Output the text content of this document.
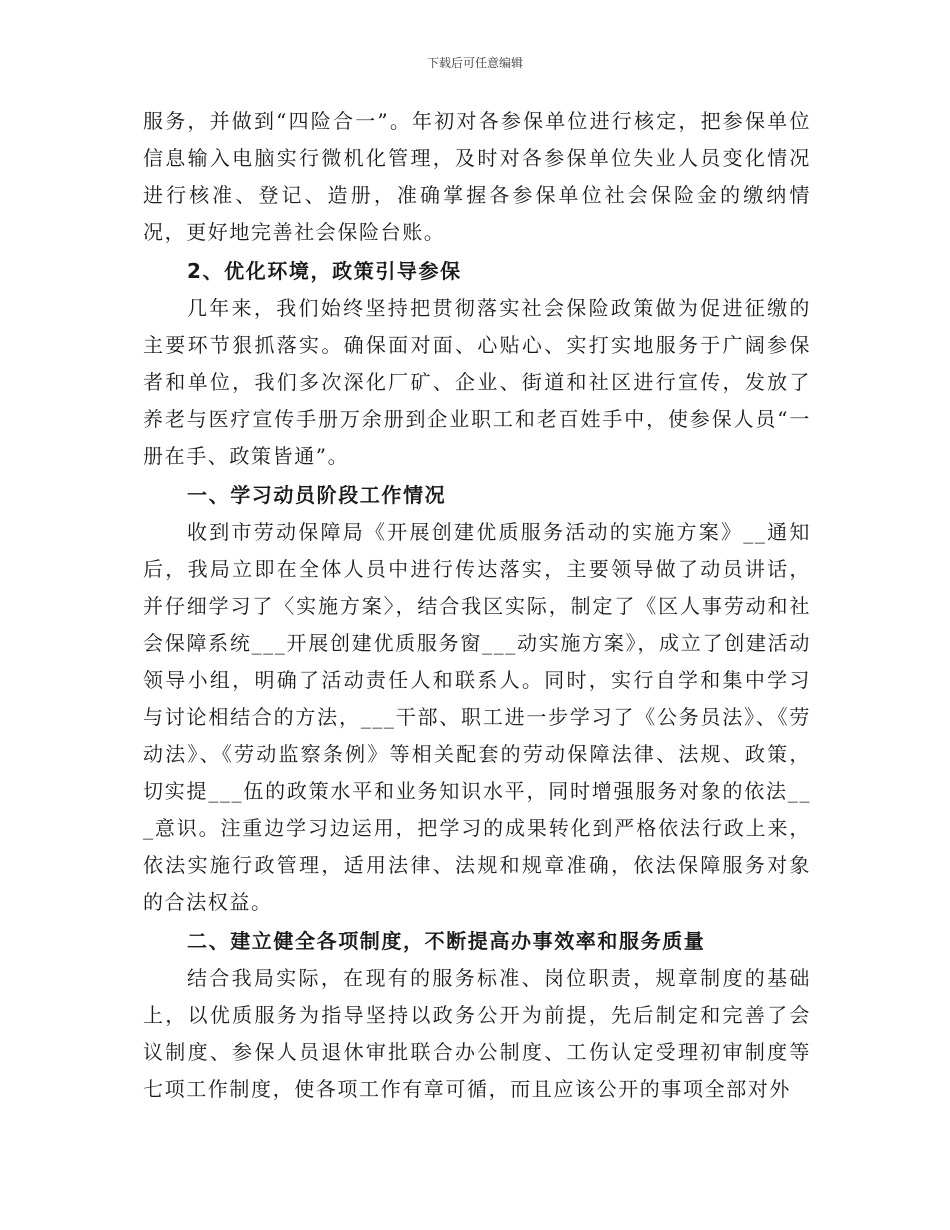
下载后可任意编辑

服务，并做到“四险合一”。年初对各参保单位进行核定，把参保单位信息输入电脑实行微机化管理，及时对各参保单位失业人员变化情况进行核准、登记、造册，准确掌握各参保单位社会保险金的缴纳情况，更好地完善社会保险台账。

2、优化环境，政策引导参保

几年来，我们始终坚持把贯彻落实社会保险政策做为促进征缴的主要环节狠抓落实。确保面对面、心贴心、实打实地服务于广阔参保者和单位，我们多次深化厂矿、企业、街道和社区进行宣传，发放了养老与医疗宣传手册万余册到企业职工和老百姓手中，使参保人员“一册在手、政策皆通”。

一、学习动员阶段工作情况

收到市劳动保障局《开展创建优质服务活动的实施方案》__通知后，我局立即在全体人员中进行传达落实，主要领导做了动员讲话，并仔细学习了〈实施方案〉，结合我区实际，制定了《区人事劳动和社会保障系统___开展创建优质服务窗___动实施方案》，成立了创建活动领导小组，明确了活动责任人和联系人。同时，实行自学和集中学习与讨论相结合的方法，___干部、职工进一步学习了《公务员法》、《劳动法》、《劳动监察条例》等相关配套的劳动保障法律、法规、政策，切实提___伍的政策水平和业务知识水平，同时增强服务对象的依法___意识。注重边学习边运用，把学习的成果转化到严格依法行政上来，依法实施行政管理，适用法律、法规和规章准确，依法保障服务对象的合法权益。

二、建立健全各项制度，不断提高办事效率和服务质量

结合我局实际，在现有的服务标准、岗位职责，规章制度的基础上，以优质服务为指导坚持以政务公开为前提，先后制定和完善了会议制度、参保人员退休审批联合办公制度、工伤认定受理初审制度等七项工作制度，使各项工作有章可循，而且应该公开的事项全部对外
